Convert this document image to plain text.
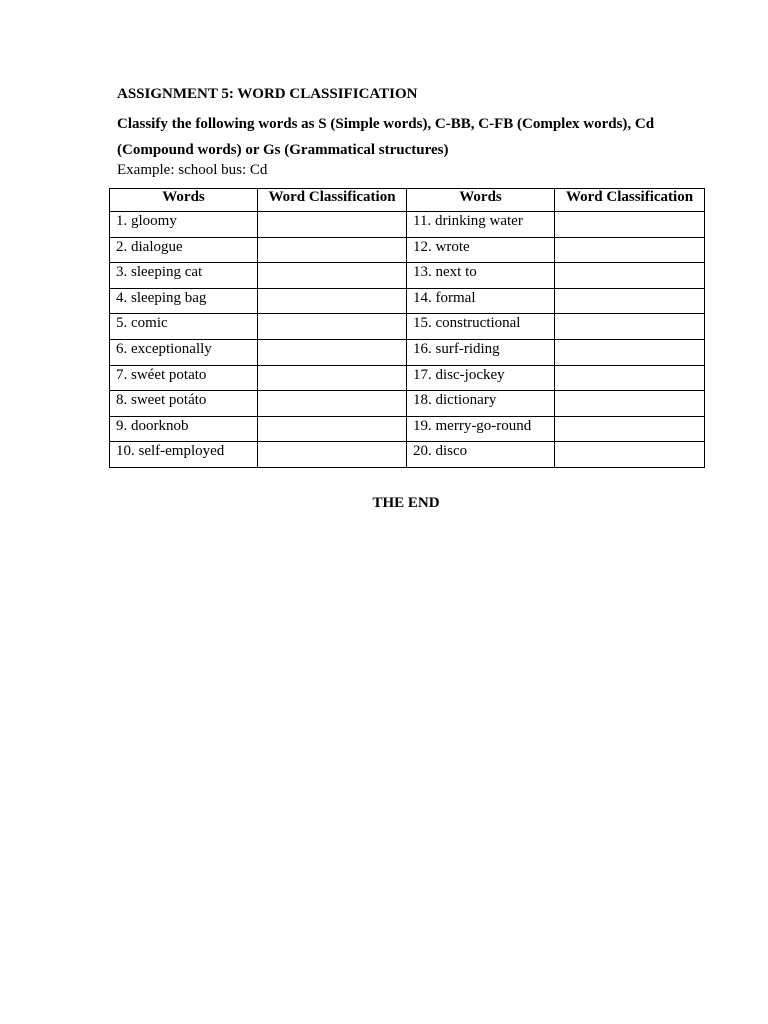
ASSIGNMENT 5: WORD CLASSIFICATION
Classify the following words as S (Simple words), C-BB, C-FB (Complex words), Cd (Compound words) or Gs (Grammatical structures)
Example: school bus: Cd
Words	Word Classification	Words	Word Classification
1. gloomy		11. drinking water	
2. dialogue		12. wrote	
3. sleeping cat		13. next to	
4. sleeping bag		14. formal	
5. comic		15. constructional	
6. exceptionally		16. surf-riding	
7. swéet potato		17. disc-jockey	
8. sweet potáto		18. dictionary	
9. doorknob		19. merry-go-round	
10. self-employed		20. disco	
THE END
